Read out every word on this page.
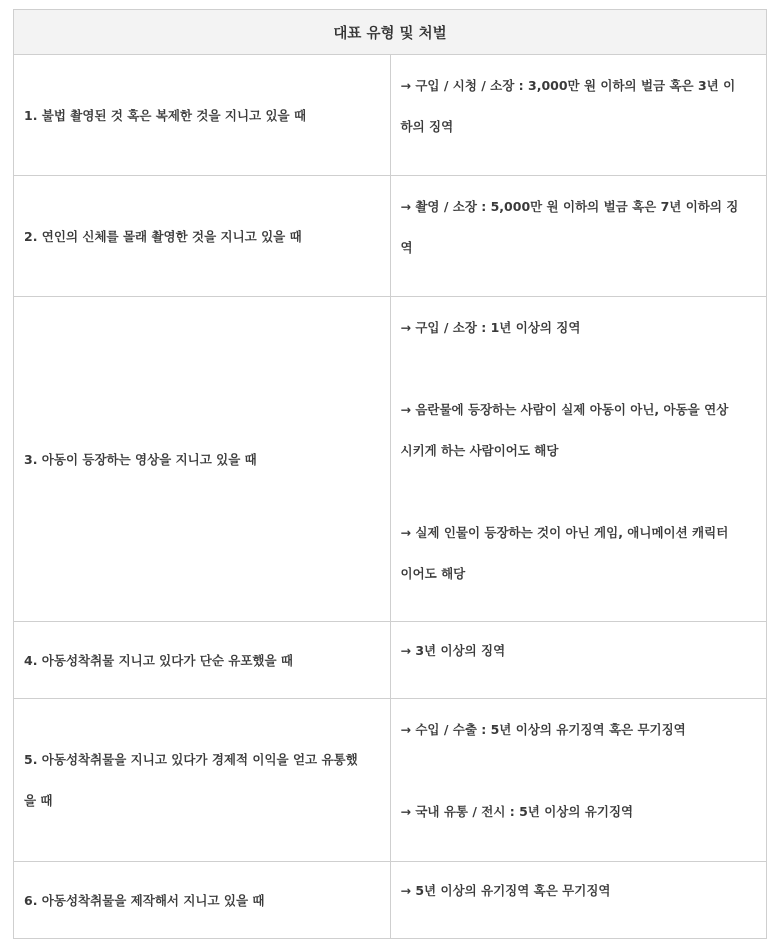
대표 유형 및 처벌	
1. 불법 촬영된 것 혹은 복제한 것을 지니고 있을 때	→ 구입 / 시청 / 소장 : 3,000만 원 이하의 벌금 혹은 3년 이
하의 징역

2. 연인의 신체를 몰래 촬영한 것을 지니고 있을 때	→ 촬영 / 소장 : 5,000만 원 이하의 벌금 혹은 7년 이하의 징
역

3. 아동이 등장하는 영상을 지니고 있을 때	→ 구입 / 소장 : 1년 이상의 징역
→ 음란물에 등장하는 사람이 실제 아동이 아닌, 아동을 연상
시키게 하는 사람이어도 해당
→ 실제 인물이 등장하는 것이 아닌 게임, 애니메이션 캐릭터
이어도 해당

4. 아동성착취물 지니고 있다가 단순 유포했을 때	→ 3년 이상의 징역

5. 아동성착취물을 지니고 있다가 경제적 이익을 얻고 유통했
을 때	→ 수입 / 수출 : 5년 이상의 유기징역 혹은 무기징역
→ 국내 유통 / 전시 : 5년 이상의 유기징역

6. 아동성착취물을 제작해서 지니고 있을 때	→ 5년 이상의 유기징역 혹은 무기징역
